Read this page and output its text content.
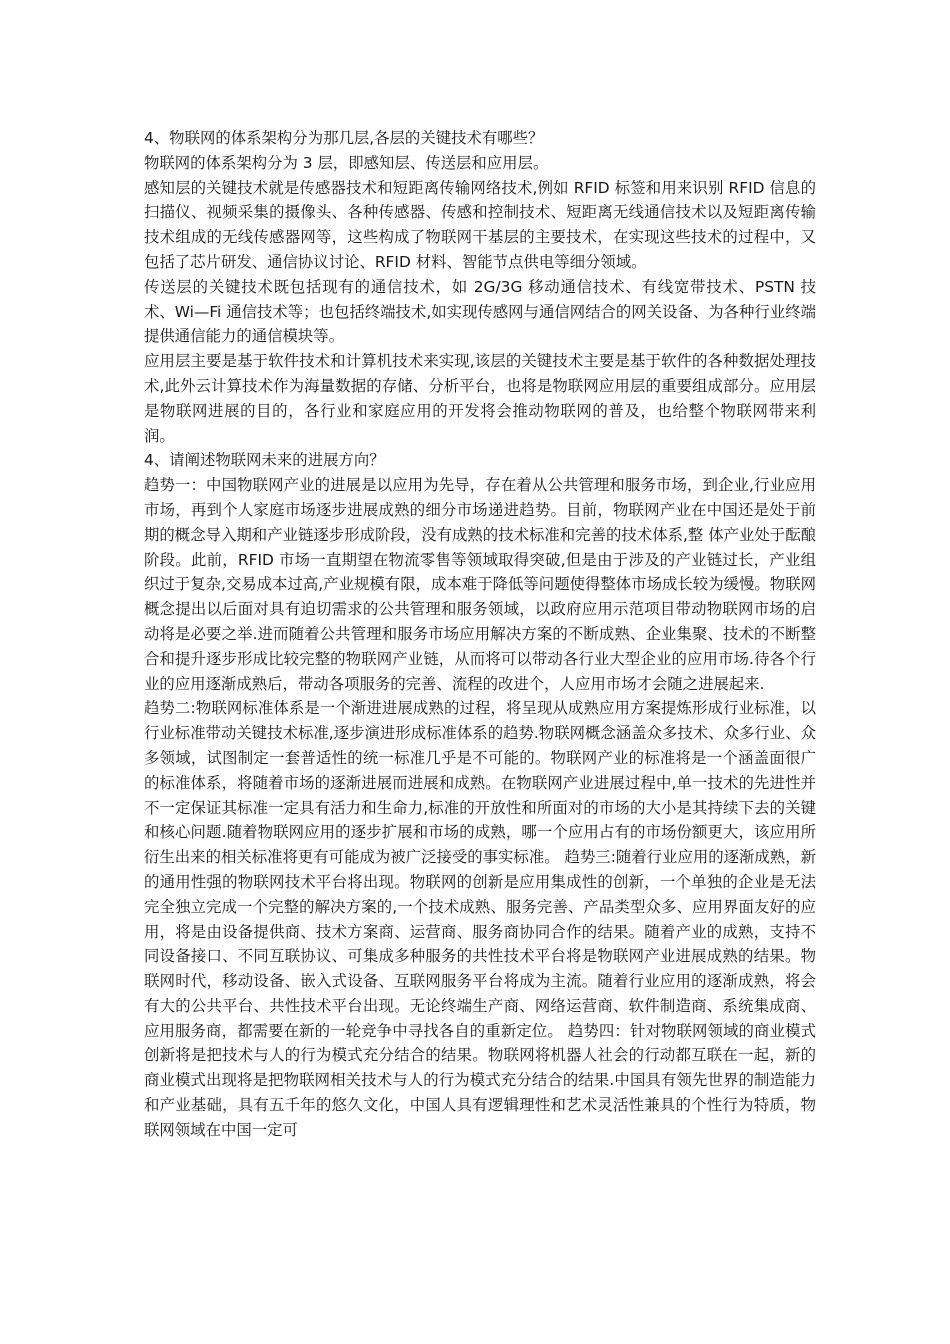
4、物联网的体系架构分为那几层,各层的关键技术有哪些？

物联网的体系架构分为 3 层，即感知层、传送层和应用层。

感知层的关键技术就是传感器技术和短距离传输网络技术,例如 RFID 标签和用来识别 RFID 信息的扫描仪、视频采集的摄像头、各种传感器、传感和控制技术、短距离无线通信技术以及短距离传输技术组成的无线传感器网等，这些构成了物联网干基层的主要技术，在实现这些技术的过程中，又包括了芯片研发、通信协议讨论、RFID 材料、智能节点供电等细分领域。

传送层的关键技术既包括现有的通信技术，如 2G/3G 移动通信技术、有线宽带技术、PSTN 技术、Wi—Fi 通信技术等；也包括终端技术,如实现传感网与通信网结合的网关设备、为各种行业终端提供通信能力的通信模块等。

应用层主要是基于软件技术和计算机技术来实现,该层的关键技术主要是基于软件的各种数据处理技术,此外云计算技术作为海量数据的存储、分析平台，也将是物联网应用层的重要组成部分。应用层是物联网进展的目的，各行业和家庭应用的开发将会推动物联网的普及，也给整个物联网带来利润。

4、请阐述物联网未来的进展方向？

趋势一：中国物联网产业的进展是以应用为先导，存在着从公共管理和服务市场，到企业,行业应用市场，再到个人家庭市场逐步进展成熟的细分市场递进趋势。目前，物联网产业在中国还是处于前期的概念导入期和产业链逐步形成阶段，没有成熟的技术标准和完善的技术体系,整 体产业处于酝酿阶段。此前，RFID 市场一直期望在物流零售等领域取得突破,但是由于涉及的产业链过长，产业组织过于复杂,交易成本过高,产业规模有限，成本难于降低等问题使得整体市场成长较为缓慢。物联网概念提出以后面对具有迫切需求的公共管理和服务领域，以政府应用示范项目带动物联网市场的启动将是必要之举.进而随着公共管理和服务市场应用解决方案的不断成熟、企业集聚、技术的不断整合和提升逐步形成比较完整的物联网产业链，从而将可以带动各行业大型企业的应用市场.待各个行业的应用逐渐成熟后，带动各项服务的完善、流程的改进个，人应用市场才会随之进展起来.

趋势二:物联网标准体系是一个渐进进展成熟的过程，将呈现从成熟应用方案提炼形成行业标准，以行业标准带动关键技术标准,逐步演进形成标准体系的趋势.物联网概念涵盖众多技术、众多行业、众多领域，试图制定一套普适性的统一标准几乎是不可能的。物联网产业的标准将是一个涵盖面很广的标准体系，将随着市场的逐渐进展而进展和成熟。在物联网产业进展过程中,单一技术的先进性并不一定保证其标准一定具有活力和生命力,标准的开放性和所面对的市场的大小是其持续下去的关键和核心问题.随着物联网应用的逐步扩展和市场的成熟，哪一个应用占有的市场份额更大，该应用所衍生出来的相关标准将更有可能成为被广泛接受的事实标准。 趋势三:随着行业应用的逐渐成熟，新的通用性强的物联网技术平台将出现。物联网的创新是应用集成性的创新，一个单独的企业是无法完全独立完成一个完整的解决方案的,一个技术成熟、服务完善、产品类型众多、应用界面友好的应用，将是由设备提供商、技术方案商、运营商、服务商协同合作的结果。随着产业的成熟，支持不同设备接口、不同互联协议、可集成多种服务的共性技术平台将是物联网产业进展成熟的结果。物联网时代，移动设备、嵌入式设备、互联网服务平台将成为主流。随着行业应用的逐渐成熟，将会有大的公共平台、共性技术平台出现。无论终端生产商、网络运营商、软件制造商、系统集成商、应用服务商，都需要在新的一轮竞争中寻找各自的重新定位。 趋势四：针对物联网领域的商业模式创新将是把技术与人的行为模式充分结合的结果。物联网将机器人社会的行动都互联在一起，新的商业模式出现将是把物联网相关技术与人的行为模式充分结合的结果.中国具有领先世界的制造能力和产业基础，具有五千年的悠久文化，中国人具有逻辑理性和艺术灵活性兼具的个性行为特质，物联网领域在中国一定可
